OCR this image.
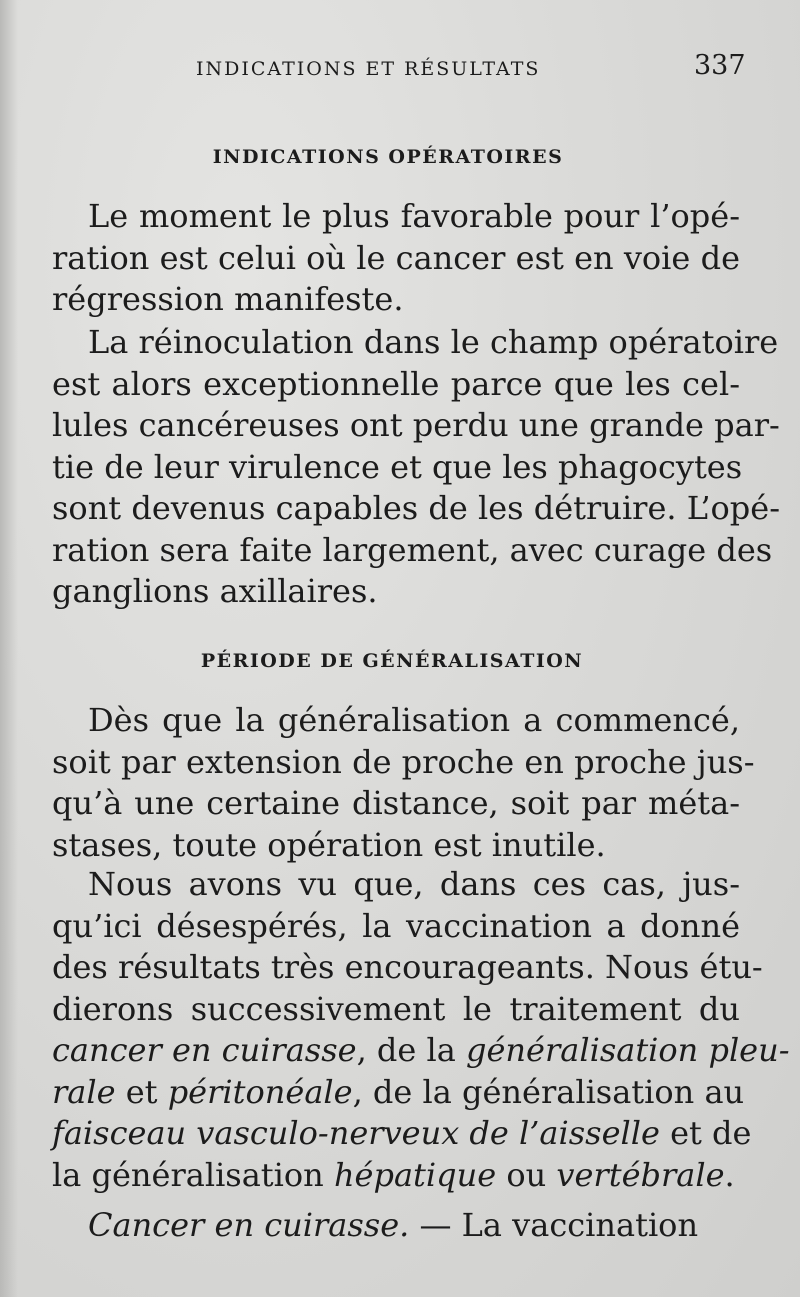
INDICATIONS ET RÉSULTATS	337
INDICATIONS OPÉRATOIRES
Le moment le plus favorable pour l’opé-
ration est celui où le cancer est en voie de
régression manifeste.
La réinoculation dans le champ opératoire
est alors exceptionnelle parce que les cel-
lules cancéreuses ont perdu une grande par-
tie de leur virulence et que les phagocytes
sont devenus capables de les détruire. L’opé-
ration sera faite largement, avec curage des
ganglions axillaires.
PÉRIODE DE GÉNÉRALISATION
Dès que la généralisation a commencé,
soit par extension de proche en proche jus-
qu’à une certaine distance, soit par méta-
stases, toute opération est inutile.
Nous avons vu que, dans ces cas, jus-
qu’ici désespérés, la vaccination a donné
des résultats très encourageants. Nous étu-
dierons successivement le traitement du
cancer en cuirasse, de la généralisation pleu-
rale et péritonéale, de la généralisation au
faisceau vasculo-nerveux de l’aisselle et de
la généralisation hépatique ou vertébrale.
Cancer en cuirasse. — La vaccination
